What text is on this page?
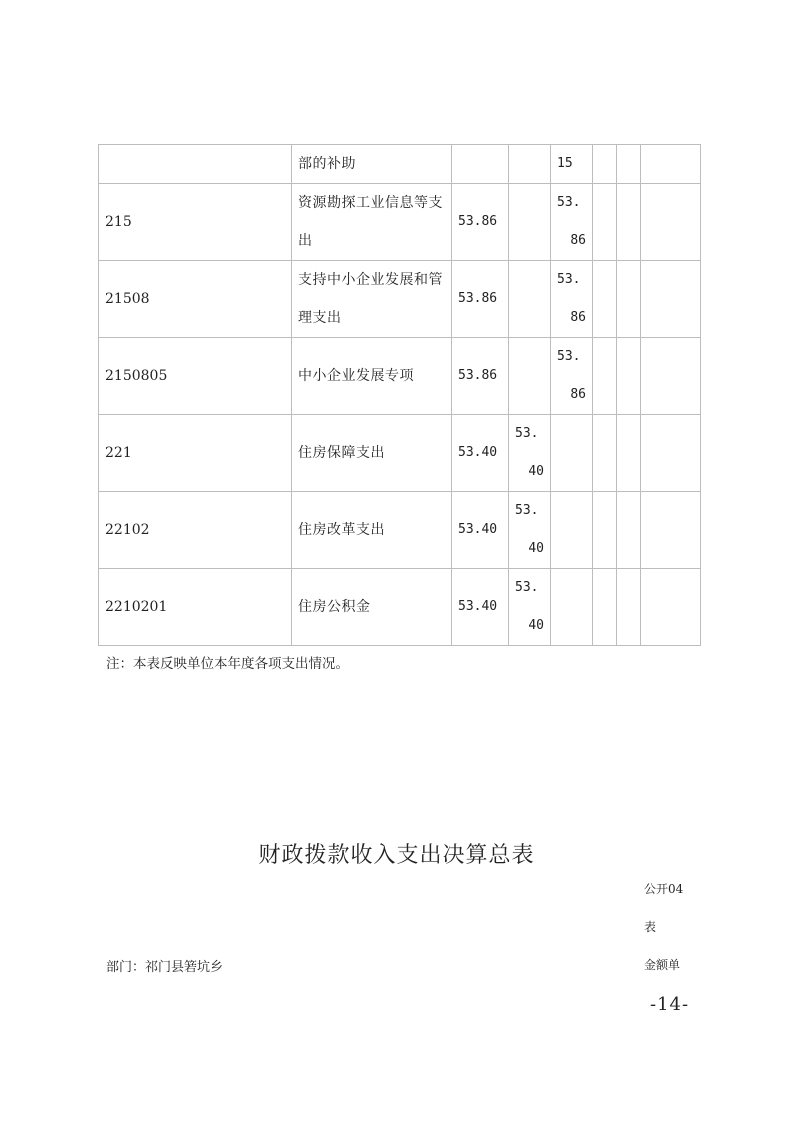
	部的补助			15			
215	资源勘探工业信息等支出	53.86		53.
86			

21508	支持中小企业发展和管理支出	53.86		53.
86			

2150805	中小企业发展专项	53.86		53.
86			

221	住房保障支出	53.40	53.
40				

22102	住房改革支出	53.40	53.
40				

2210201	住房公积金	53.40	53.
40				

注：本表反映单位本年度各项支出情况。
财政拨款收入支出决算总表
公开04
表
部门：祁门县箬坑乡	金额单
-14-
